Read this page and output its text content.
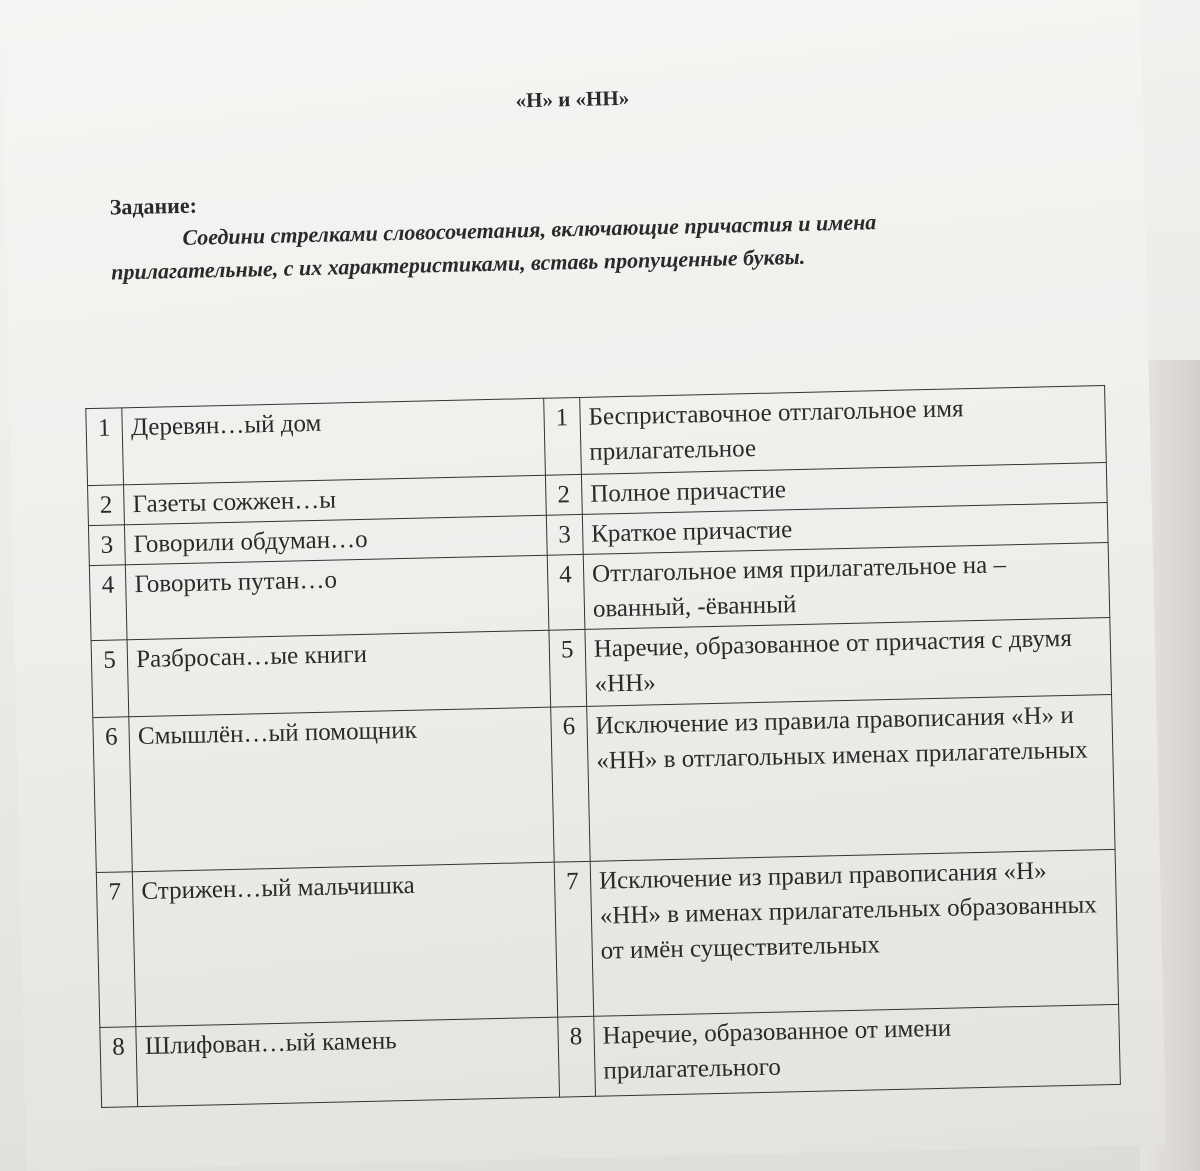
«Н» и «НН»
Задание:
Соедини стрелками словосочетания, включающие причастия и имена прилагательные, с их характеристиками, вставь пропущенные буквы.
1	Деревян…ый дом	1	Бесприставочное отглагольное имя прилагательное
2	Газеты сожжен…ы	2	Полное причастие
3	Говорили обдуман…о	3	Краткое причастие
4	Говорить путан…о	4	Отглагольное имя прилагательное на –ованный, -ёванный
5	Разбросан…ые книги	5	Наречие, образованное от причастия с двумя «НН»
6	Смышлён…ый помощник	6	Исключение из правила правописания «Н» и «НН» в отглагольных именах прилагательных
7	Стрижен…ый мальчишка	7	Исключение из правил правописания «Н» «НН» в именах прилагательных образованных от имён существительных
8	Шлифован…ый камень	8	Наречие, образованное от имени прилагательного
